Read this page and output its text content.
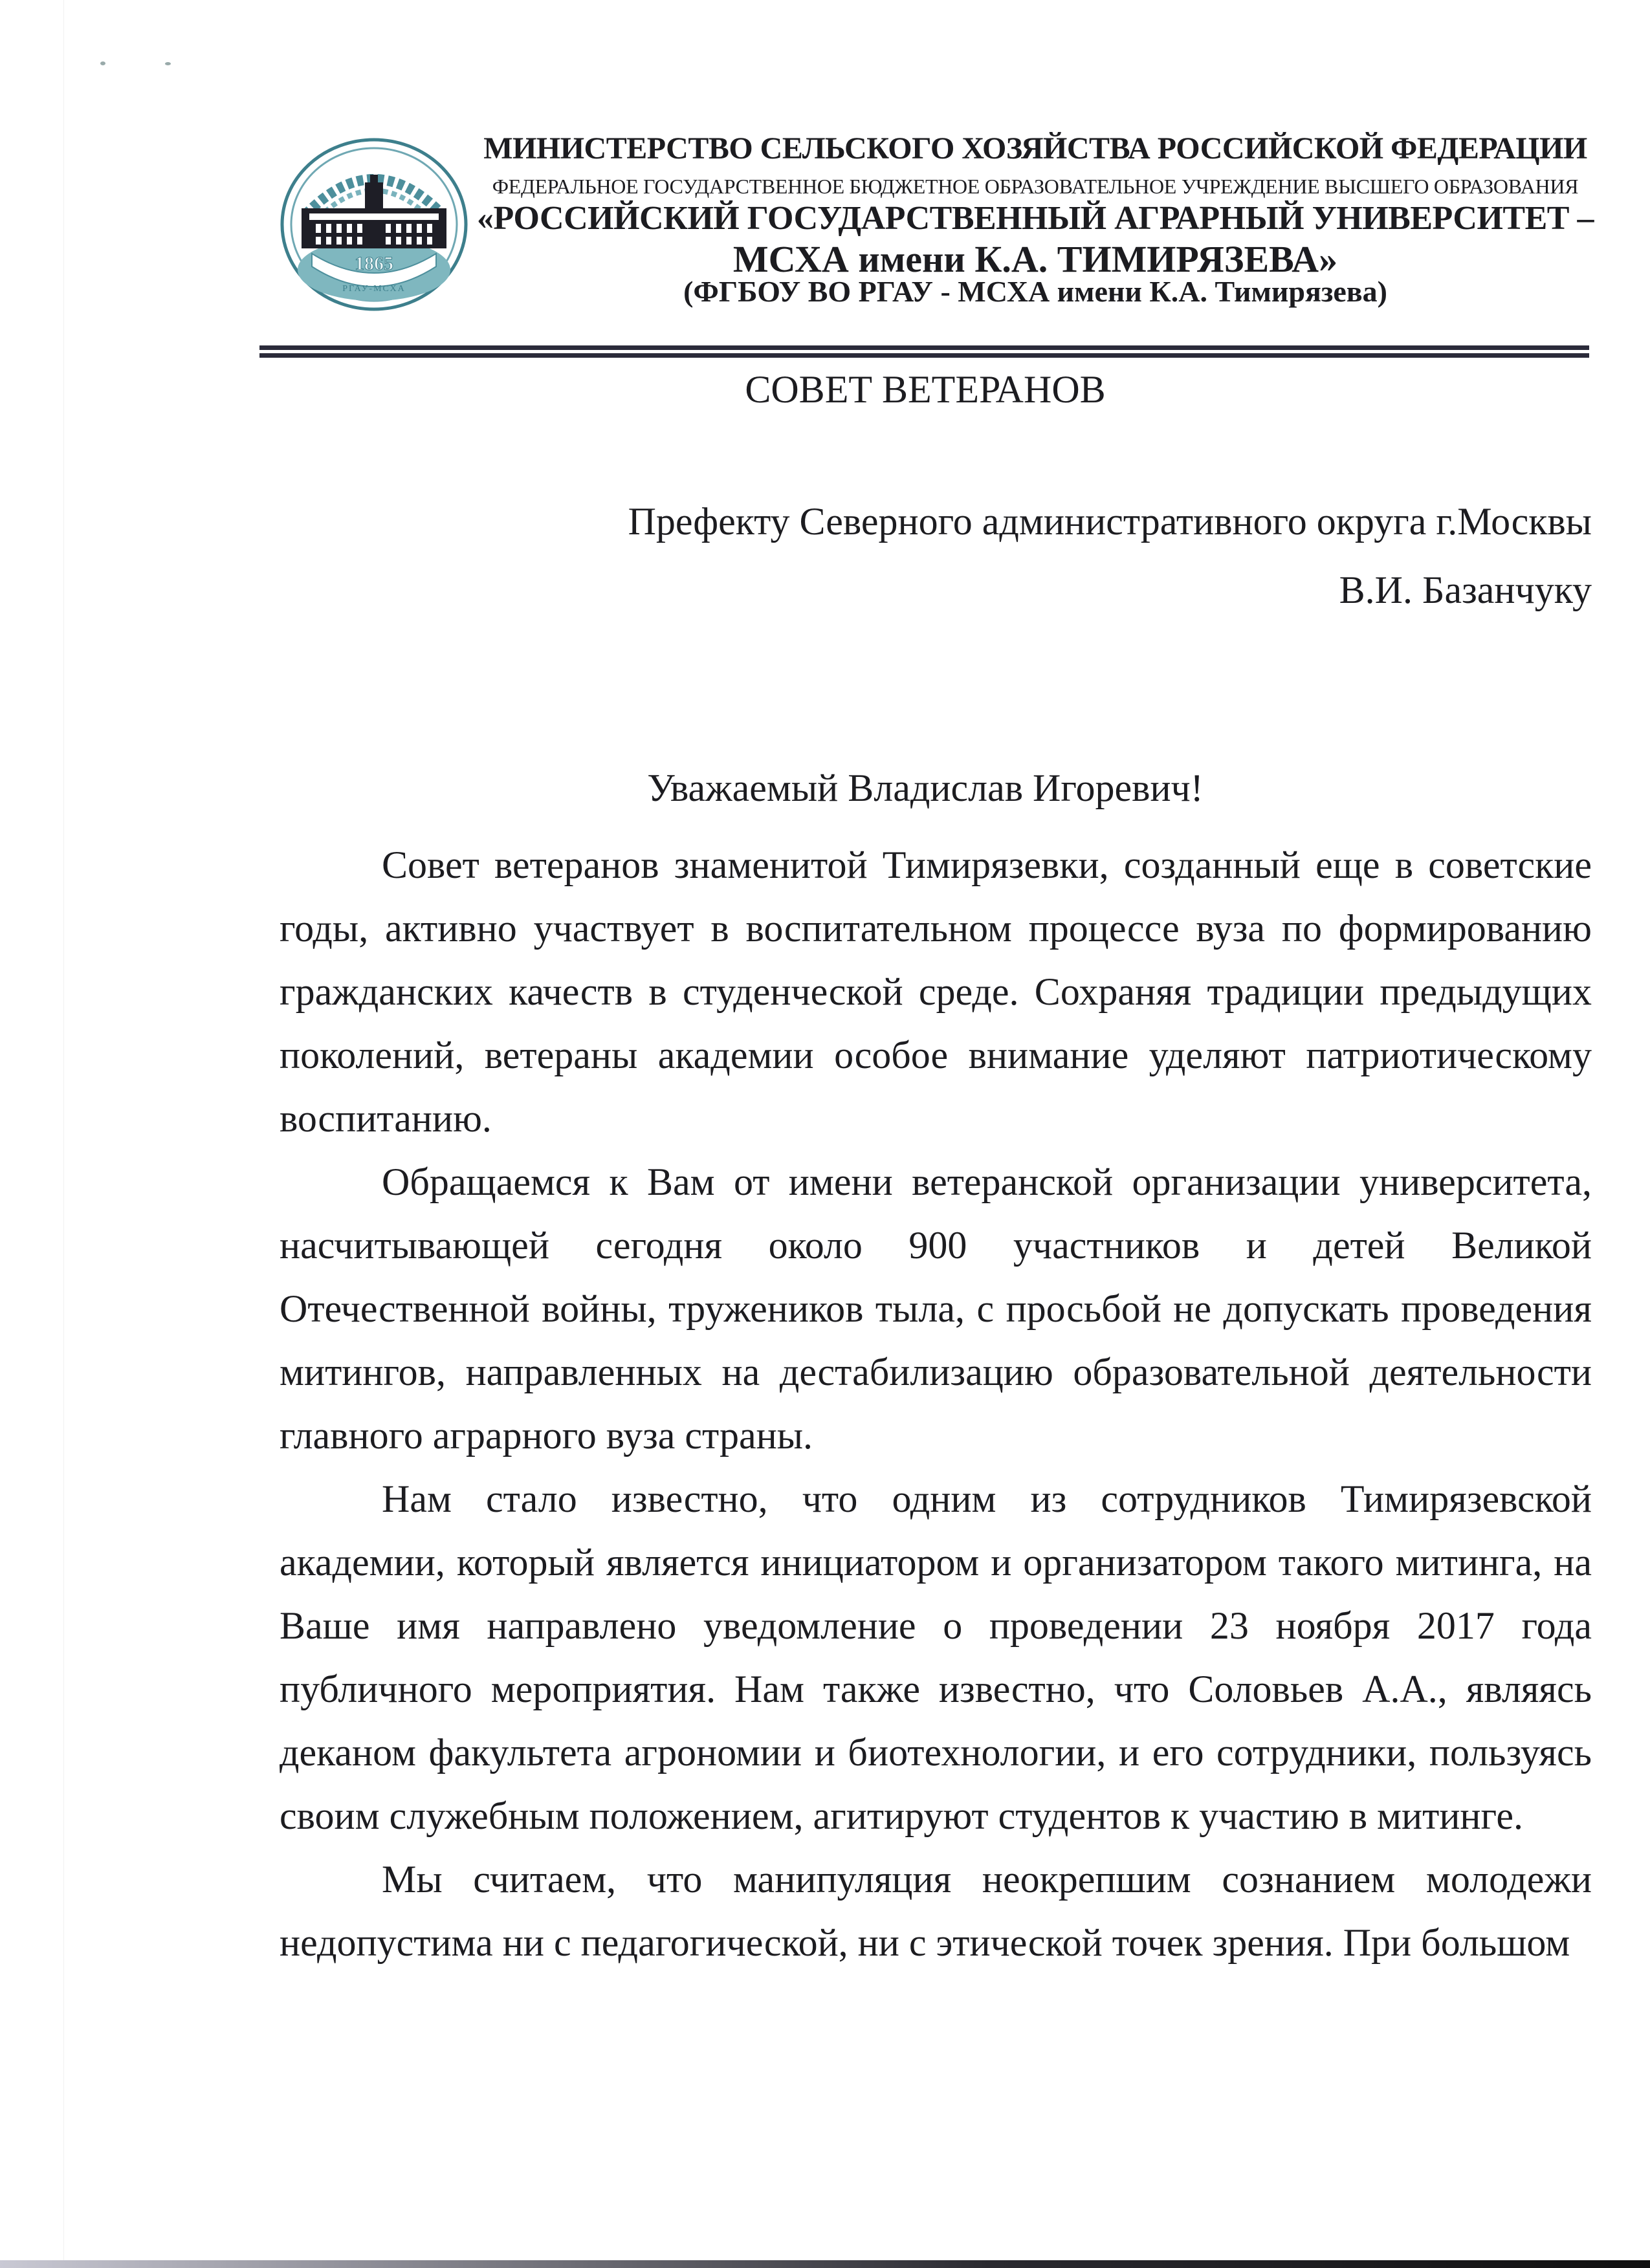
1865
РГАУ-МСХА
МИНИСТЕРСТВО СЕЛЬСКОГО ХОЗЯЙСТВА РОССИЙСКОЙ ФЕДЕРАЦИИ
ФЕДЕРАЛЬНОЕ ГОСУДАРСТВЕННОЕ БЮДЖЕТНОЕ ОБРАЗОВАТЕЛЬНОЕ УЧРЕЖДЕНИЕ ВЫСШЕГО ОБРАЗОВАНИЯ
«РОССИЙСКИЙ ГОСУДАРСТВЕННЫЙ АГРАРНЫЙ УНИВЕРСИТЕТ –
МСХА имени К.А. ТИМИРЯЗЕВА»
(ФГБОУ ВО РГАУ - МСХА имени К.А. Тимирязева)
СОВЕТ ВЕТЕРАНОВ
Префекту Северного административного округа г.Москвы
В.И. Базанчуку
Уважаемый Владислав Игоревич!

Совет ветеранов знаменитой Тимирязевки, созданный еще в советские годы, активно участвует в воспитательном процессе вуза по формированию гражданских качеств в студенческой среде. Сохраняя традиции предыдущих поколений, ветераны академии особое внимание уделяют патриотическому воспитанию.

Обращаемся к Вам от имени ветеранской организации университета, насчитывающей сегодня около 900 участников и детей Великой Отечественной войны, тружеников тыла, с просьбой не допускать проведения митингов, направленных на дестабилизацию образовательной деятельности главного аграрного вуза страны.

Нам стало известно, что одним из сотрудников Тимирязевской академии, который является инициатором и организатором такого митинга, на Ваше имя направлено уведомление о проведении 23 ноября 2017 года публичного мероприятия. Нам также известно, что Соловьев А.А., являясь деканом факультета агрономии и биотехнологии, и его сотрудники, пользуясь своим служебным положением, агитируют студентов к участию в митинге.

Мы считаем, что манипуляция неокрепшим сознанием молодежи недопустима ни с педагогической, ни с этической точек зрения. При большом
